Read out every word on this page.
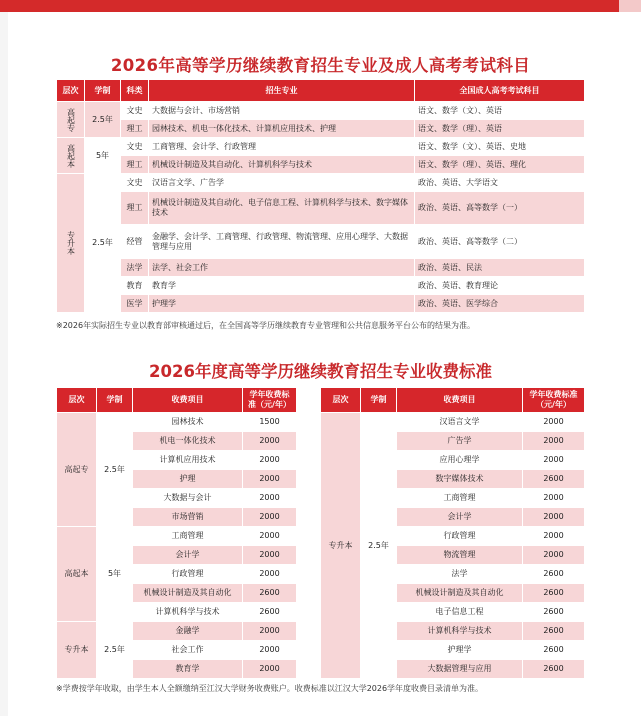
2026年高等学历继续教育招生专业及成人高考考试科目
层次	学制	科类	招生专业	全国成人高考考试科目

高起专	2.5年	文史	大数据与会计、市场营销	语文、数学（文）、英语
		理工	园林技术、机电一体化技术、计算机应用技术、护理	语文、数学（理）、英语

高起本	5年	文史	工商管理、会计学、行政管理	语文、数学（文）、英语、史地
		理工	机械设计制造及其自动化、计算机科学与技术	语文、数学（理）、英语、理化

专升本	2.5年	文史	汉语言文学、广告学	政治、英语、大学语文
		理工	机械设计制造及其自动化、电子信息工程、计算机科学与技术、数字媒体技术	政治、英语、高等数学（一）
		经管	金融学、会计学、工商管理、行政管理、物流管理、应用心理学、大数据管理与应用	政治、英语、高等数学（二）
		法学	法学、社会工作	政治、英语、民法
		教育	教育学	政治、英语、教育理论
		医学	护理学	政治、英语、医学综合
※2026年实际招生专业以教育部审核通过后，在全国高等学历继续教育专业管理和公共信息服务平台公布的结果为准。
2026年度高等学历继续教育招生专业收费标准
层次	学制	收费项目	学年收费标准（元/年）
高起专	2.5年	园林技术	1500
		机电一体化技术	2000
		计算机应用技术	2000
		护理	2000
		大数据与会计	2000
		市场营销	2000
高起本	5年	工商管理	2000
		会计学	2000
		行政管理	2000
		机械设计制造及其自动化	2600
		计算机科学与技术	2600
专升本	2.5年	金融学	2000
		社会工作	2000
		教育学	2000
层次	学制	收费项目	学年收费标准（元/年）
专升本	2.5年	汉语言文学	2000
		广告学	2000
		应用心理学	2000
		数字媒体技术	2600
		工商管理	2000
		会计学	2000
		行政管理	2000
		物流管理	2000
		法学	2600
		机械设计制造及其自动化	2600
		电子信息工程	2600
		计算机科学与技术	2600
		护理学	2600
		大数据管理与应用	2600
※学费按学年收取，由学生本人全额缴纳至江汉大学财务收费账户。收费标准以江汉大学2026学年度收费目录清单为准。
